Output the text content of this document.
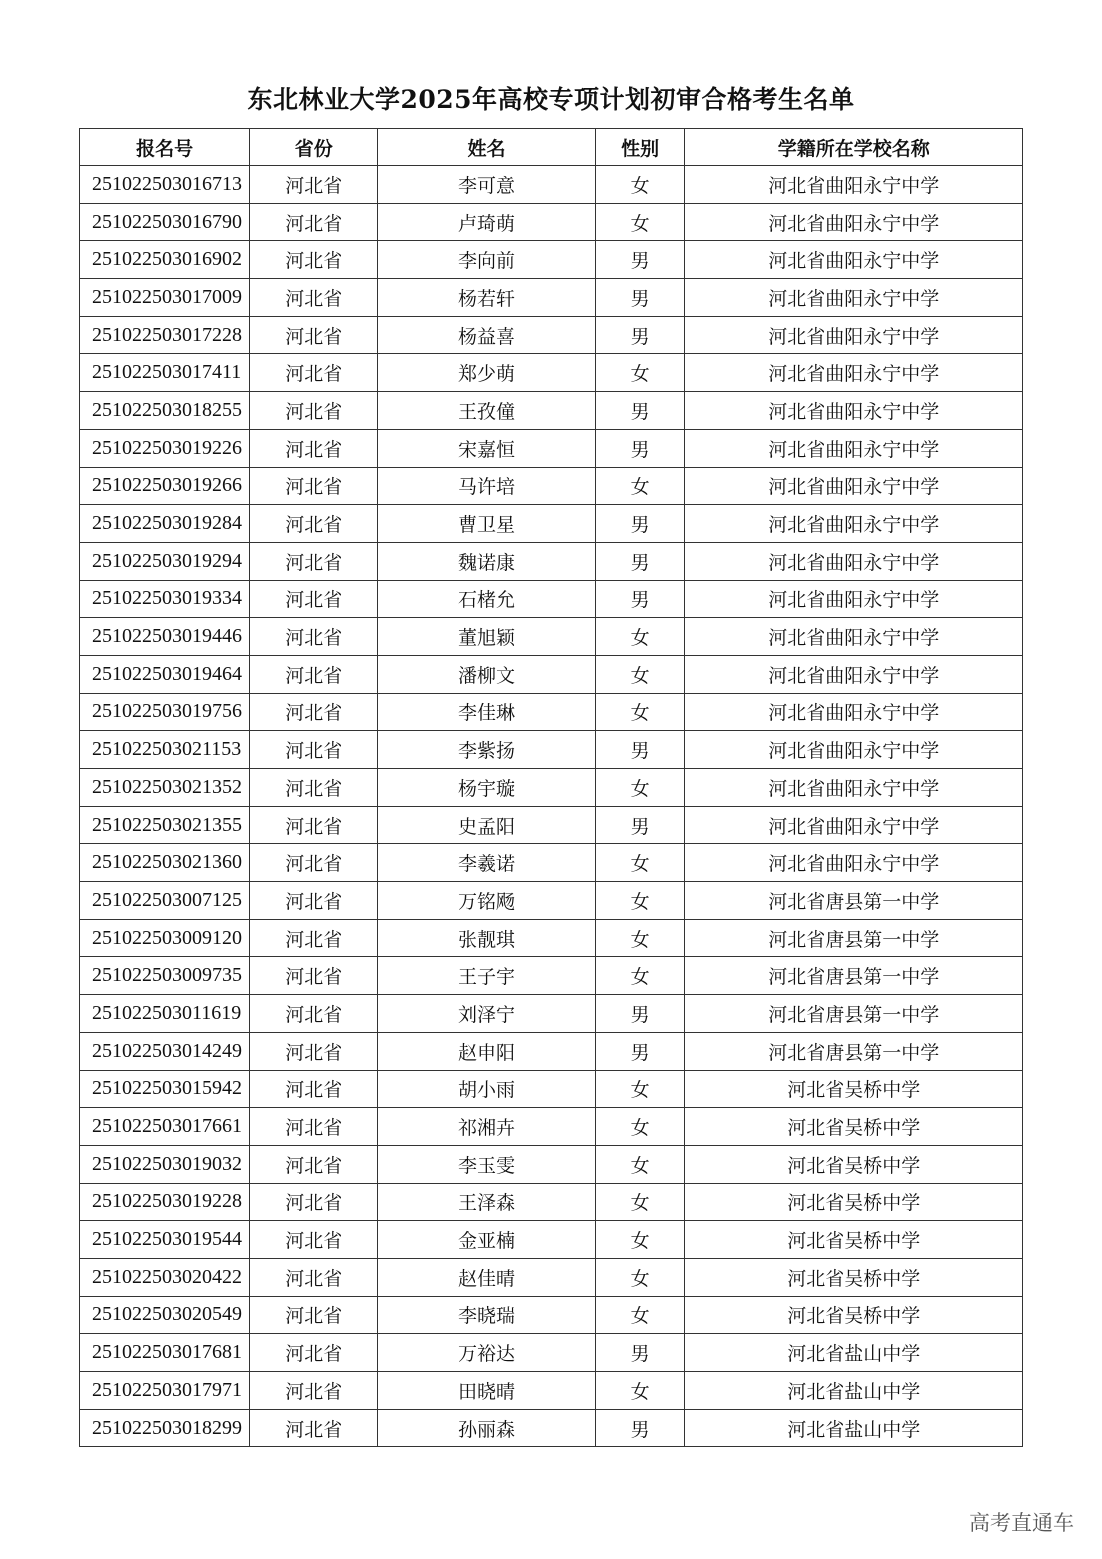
东北林业大学2025年高校专项计划初审合格考生名单
报名号	省份	姓名	性别	学籍所在学校名称
251022503016713	河北省	李可意	女	河北省曲阳永宁中学
251022503016790	河北省	卢琦萌	女	河北省曲阳永宁中学
251022503016902	河北省	李向前	男	河北省曲阳永宁中学
251022503017009	河北省	杨若轩	男	河北省曲阳永宁中学
251022503017228	河北省	杨益喜	男	河北省曲阳永宁中学
251022503017411	河北省	郑少萌	女	河北省曲阳永宁中学
251022503018255	河北省	王孜僮	男	河北省曲阳永宁中学
251022503019226	河北省	宋嘉恒	男	河北省曲阳永宁中学
251022503019266	河北省	马许培	女	河北省曲阳永宁中学
251022503019284	河北省	曹卫星	男	河北省曲阳永宁中学
251022503019294	河北省	魏诺康	男	河北省曲阳永宁中学
251022503019334	河北省	石楮允	男	河北省曲阳永宁中学
251022503019446	河北省	董旭颖	女	河北省曲阳永宁中学
251022503019464	河北省	潘柳文	女	河北省曲阳永宁中学
251022503019756	河北省	李佳琳	女	河北省曲阳永宁中学
251022503021153	河北省	李紫扬	男	河北省曲阳永宁中学
251022503021352	河北省	杨宇璇	女	河北省曲阳永宁中学
251022503021355	河北省	史孟阳	男	河北省曲阳永宁中学
251022503021360	河北省	李羲诺	女	河北省曲阳永宁中学
251022503007125	河北省	万铭飏	女	河北省唐县第一中学
251022503009120	河北省	张靓琪	女	河北省唐县第一中学
251022503009735	河北省	王子宇	女	河北省唐县第一中学
251022503011619	河北省	刘泽宁	男	河北省唐县第一中学
251022503014249	河北省	赵申阳	男	河北省唐县第一中学
251022503015942	河北省	胡小雨	女	河北省吴桥中学
251022503017661	河北省	祁湘卉	女	河北省吴桥中学
251022503019032	河北省	李玉雯	女	河北省吴桥中学
251022503019228	河北省	王泽森	女	河北省吴桥中学
251022503019544	河北省	金亚楠	女	河北省吴桥中学
251022503020422	河北省	赵佳晴	女	河北省吴桥中学
251022503020549	河北省	李晓瑞	女	河北省吴桥中学
251022503017681	河北省	万裕达	男	河北省盐山中学
251022503017971	河北省	田晓晴	女	河北省盐山中学
251022503018299	河北省	孙丽森	男	河北省盐山中学
高考直通车
